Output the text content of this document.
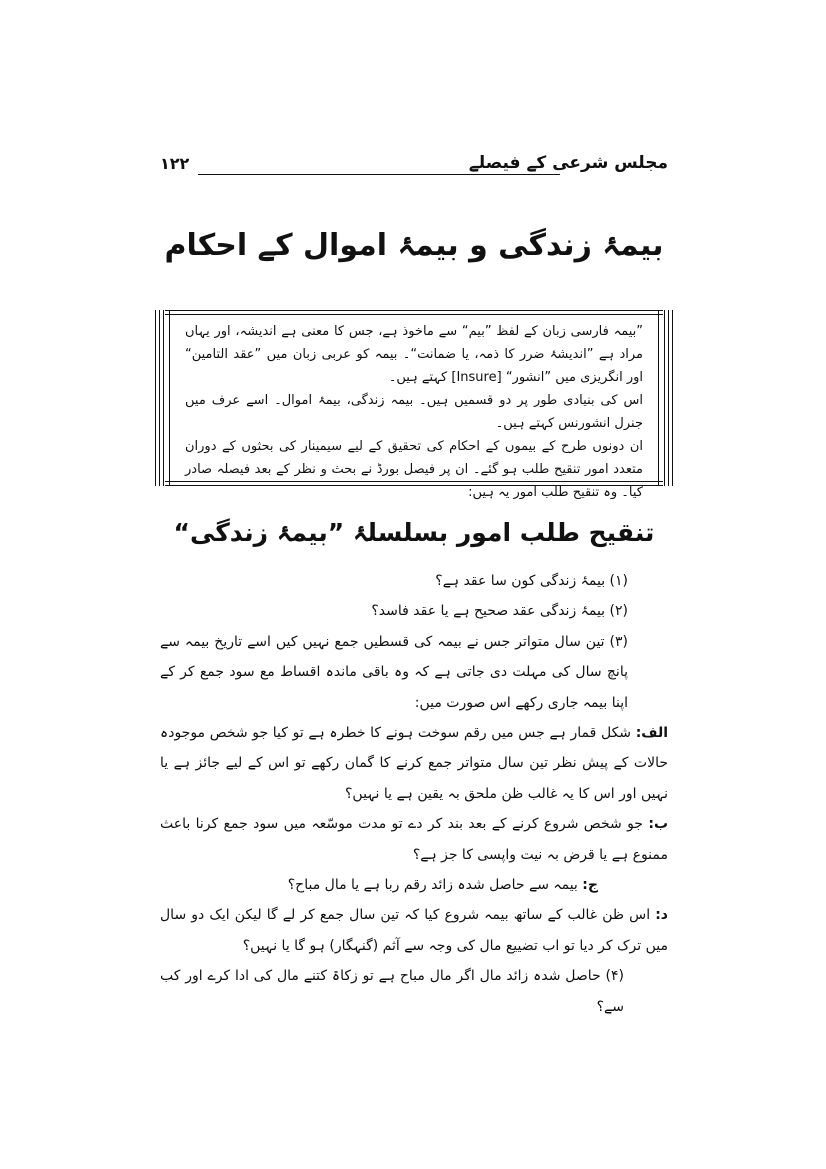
مجلس شرعی کے فیصلے
۱۲۲
بیمۂ زندگی و بیمۂ اموال کے احکام

”بیمہ فارسی زبان کے لفظ ”بیم“ سے ماخوذ ہے، جس کا معنی ہے اندیشہ، اور یہاں مراد ہے ”اندیشۂ ضرر کا ذمہ، یا ضمانت“۔ بیمہ کو عربی زبان میں ”عقد التامین“ اور انگریزی میں ”انشور“ [Insure] کہتے ہیں۔

اس کی بنیادی طور پر دو قسمیں ہیں۔ بیمہ زندگی، بیمۂ اموال۔ اسے عرف میں جنرل انشورنس کہتے ہیں۔

ان دونوں طرح کے بیموں کے احکام کی تحقیق کے لیے سیمینار کی بحثوں کے دوران متعدد امور تنقیح طلب ہو گئے۔ ان پر فیصل بورڈ نے بحث و نظر کے بعد فیصلہ صادر کیا۔ وہ تنقیح طلب امور یہ ہیں:

تنقیح طلب امور بسلسلۂ ”بیمۂ زندگی“

(۱) بیمۂ زندگی کون سا عقد ہے؟

(۲) بیمۂ زندگی عقد صحیح ہے یا عقد فاسد؟

(۳) تین سال متواتر جس نے بیمہ کی قسطیں جمع نہیں کیں اسے تاریخ بیمہ سے پانچ سال کی مہلت دی جاتی ہے کہ وہ باقی ماندہ اقساط مع سود جمع کر کے اپنا بیمہ جاری رکھے اس صورت میں:

الف: شکل قمار ہے جس میں رقم سوخت ہونے کا خطرہ ہے تو کیا جو شخص موجودہ حالات کے پیش نظر تین سال متواتر جمع کرنے کا گمان رکھے تو اس کے لیے جائز ہے یا نہیں اور اس کا یہ غالب ظن ملحق بہ یقین ہے یا نہیں؟

ب: جو شخص شروع کرنے کے بعد بند کر دے تو مدت موسّعہ میں سود جمع کرنا باعث ممنوع ہے یا قرض بہ نیت واپسی کا جز ہے؟

ج: بیمہ سے حاصل شدہ زائد رقم ربا ہے یا مال مباح؟

د: اس ظن غالب کے ساتھ بیمہ شروع کیا کہ تین سال جمع کر لے گا لیکن ایک دو سال میں ترک کر دیا تو اب تضییع مال کی وجہ سے آثم (گنہگار) ہو گا یا نہیں؟

(۴) حاصل شدہ زائد مال اگر مال مباح ہے تو زکاۃ کتنے مال کی ادا کرے اور کب سے؟
